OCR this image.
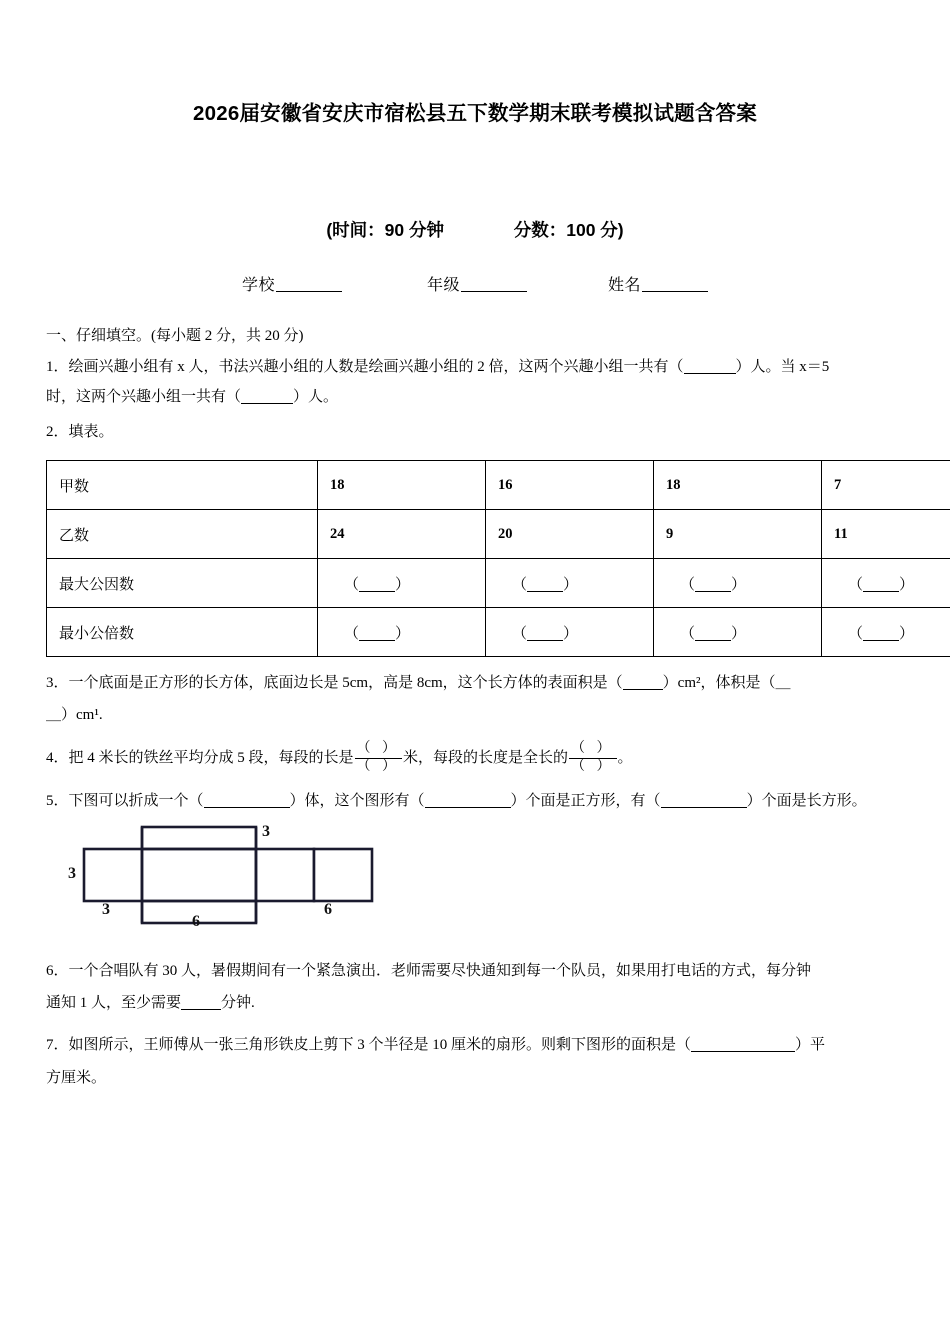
2026届安徽省安庆市宿松县五下数学期末联考模拟试题含答案
(时间：90 分钟	分数：100 分)
学校	年级	姓名
一、仔细填空。(每小题 2 分，共 20 分)
1．绘画兴趣小组有 x 人，书法兴趣小组的人数是绘画兴趣小组的 2 倍，这两个兴趣小组一共有（	）人。当 x＝5
时，这两个兴趣小组一共有（	）人。
2．填表。
甲数	18	16	18	7
乙数	24	20	9	11
最大公因数	（ ）	（ ）	（ ）	（ ）
最小公倍数	（ ）	（ ）	（ ）	（ ）
3．一个底面是正方形的长方体，底面边长是 5cm，高是 8cm，这个长方体的表面积是（	）cm²，体积是（＿
＿）cm¹.
4．把 4 米长的铁丝平均分成 5 段，每段的长是 $\frac{( )}{( )}$ 米，每段的长度是全长的 $\frac{( )}{( )}$ 。
5．下图可以折成一个（	）体，这个图形有（	）个面是正方形，有（	）个面是长方形。
3
3
3
6
6
6．一个合唱队有 30 人，暑假期间有一个紧急演出．老师需要尽快通知到每一个队员，如果用打电话的方式，每分钟
通知 1 人，至少需要	分钟.
7．如图所示，王师傅从一张三角形铁皮上剪下 3 个半径是 10 厘米的扇形。则剩下图形的面积是（	）平
方厘米。
